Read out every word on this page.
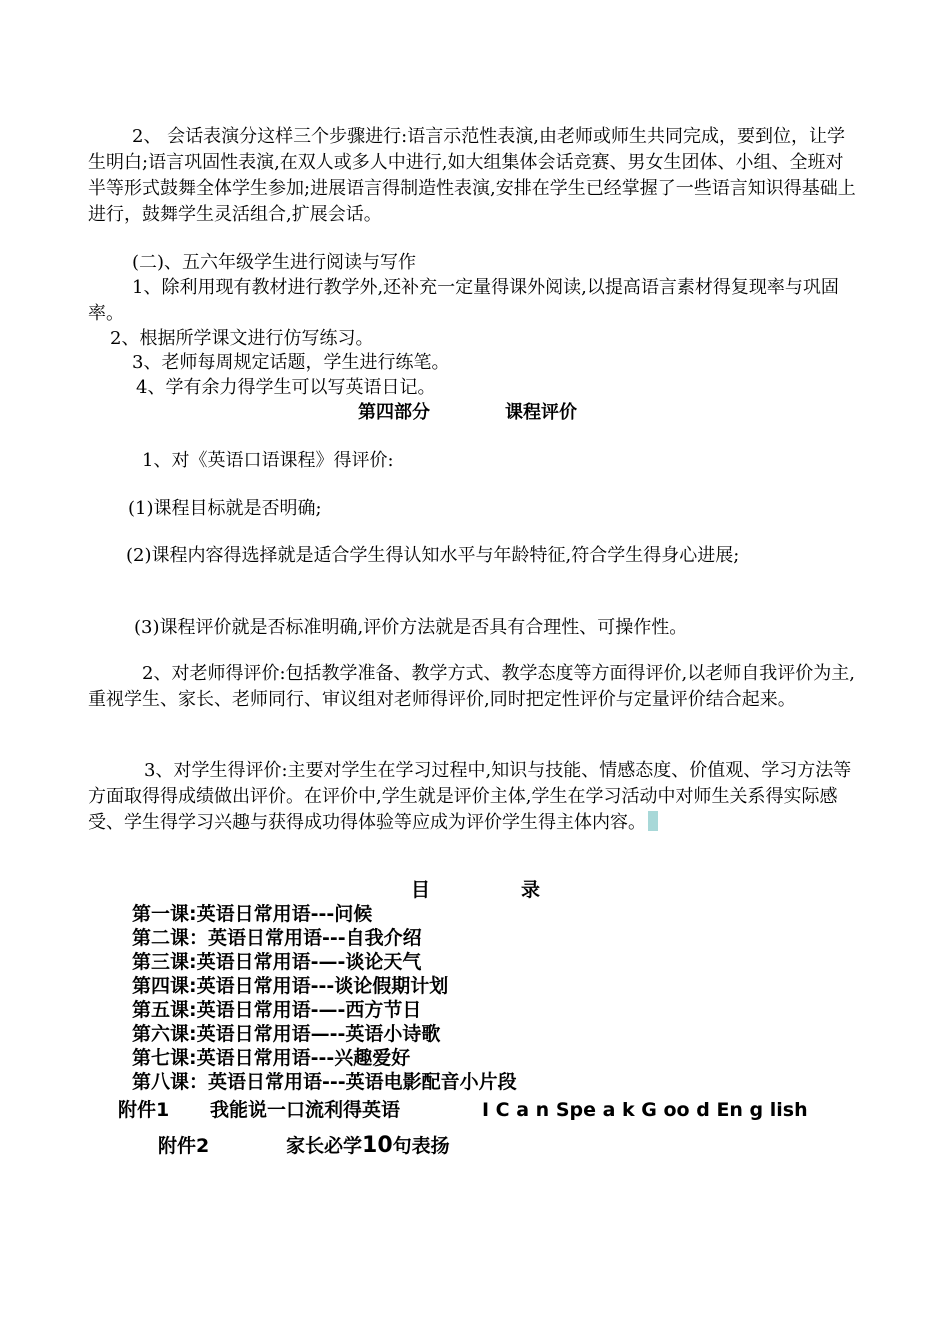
2、 会话表演分这样三个步骤进行:语言示范性表演,由老师或师生共同完成，要到位，让学生明白;语言巩固性表演,在双人或多人中进行,如大组集体会话竞赛、男女生团体、小组、全班对半等形式鼓舞全体学生参加;进展语言得制造性表演,安排在学生已经掌握了一些语言知识得基础上进行，鼓舞学生灵活组合,扩展会话。

(二)、五六年级学生进行阅读与写作

1、除利用现有教材进行教学外,还补充一定量得课外阅读,以提高语言素材得复现率与巩固率。

2、根据所学课文进行仿写练习。

3、老师每周规定话题，学生进行练笔。

4、学有余力得学生可以写英语日记。

第四部分	课程评价

1、对《英语口语课程》得评价:

(1)课程目标就是否明确;

(2)课程内容得选择就是适合学生得认知水平与年龄特征,符合学生得身心进展;

(3)课程评价就是否标准明确,评价方法就是否具有合理性、可操作性。

2、对老师得评价:包括教学准备、教学方式、教学态度等方面得评价,以老师自我评价为主,重视学生、家长、老师同行、审议组对老师得评价,同时把定性评价与定量评价结合起来。

3、对学生得评价:主要对学生在学习过程中,知识与技能、情感态度、价值观、学习方法等方面取得得成绩做出评价。在评价中,学生就是评价主体,学生在学习活动中对师生关系得实际感受、学生得学习兴趣与获得成功得体验等应成为评价学生得主体内容。

目	录
第一课:英语日常用语---问候
第二课：英语日常用语---自我介绍
第三课:英语日常用语-—-谈论天气
第四课:英语日常用语---谈论假期计划
第五课:英语日常用语-—-西方节日
第六课:英语日常用语—--英语小诗歌
第七课:英语日常用语---兴趣爱好
第八课：英语日常用语---英语电影配音小片段
附件1 我能说一口流利得英语	I C a n Spe a k G oo d En g lish
附件2	家长必学10句表扬
